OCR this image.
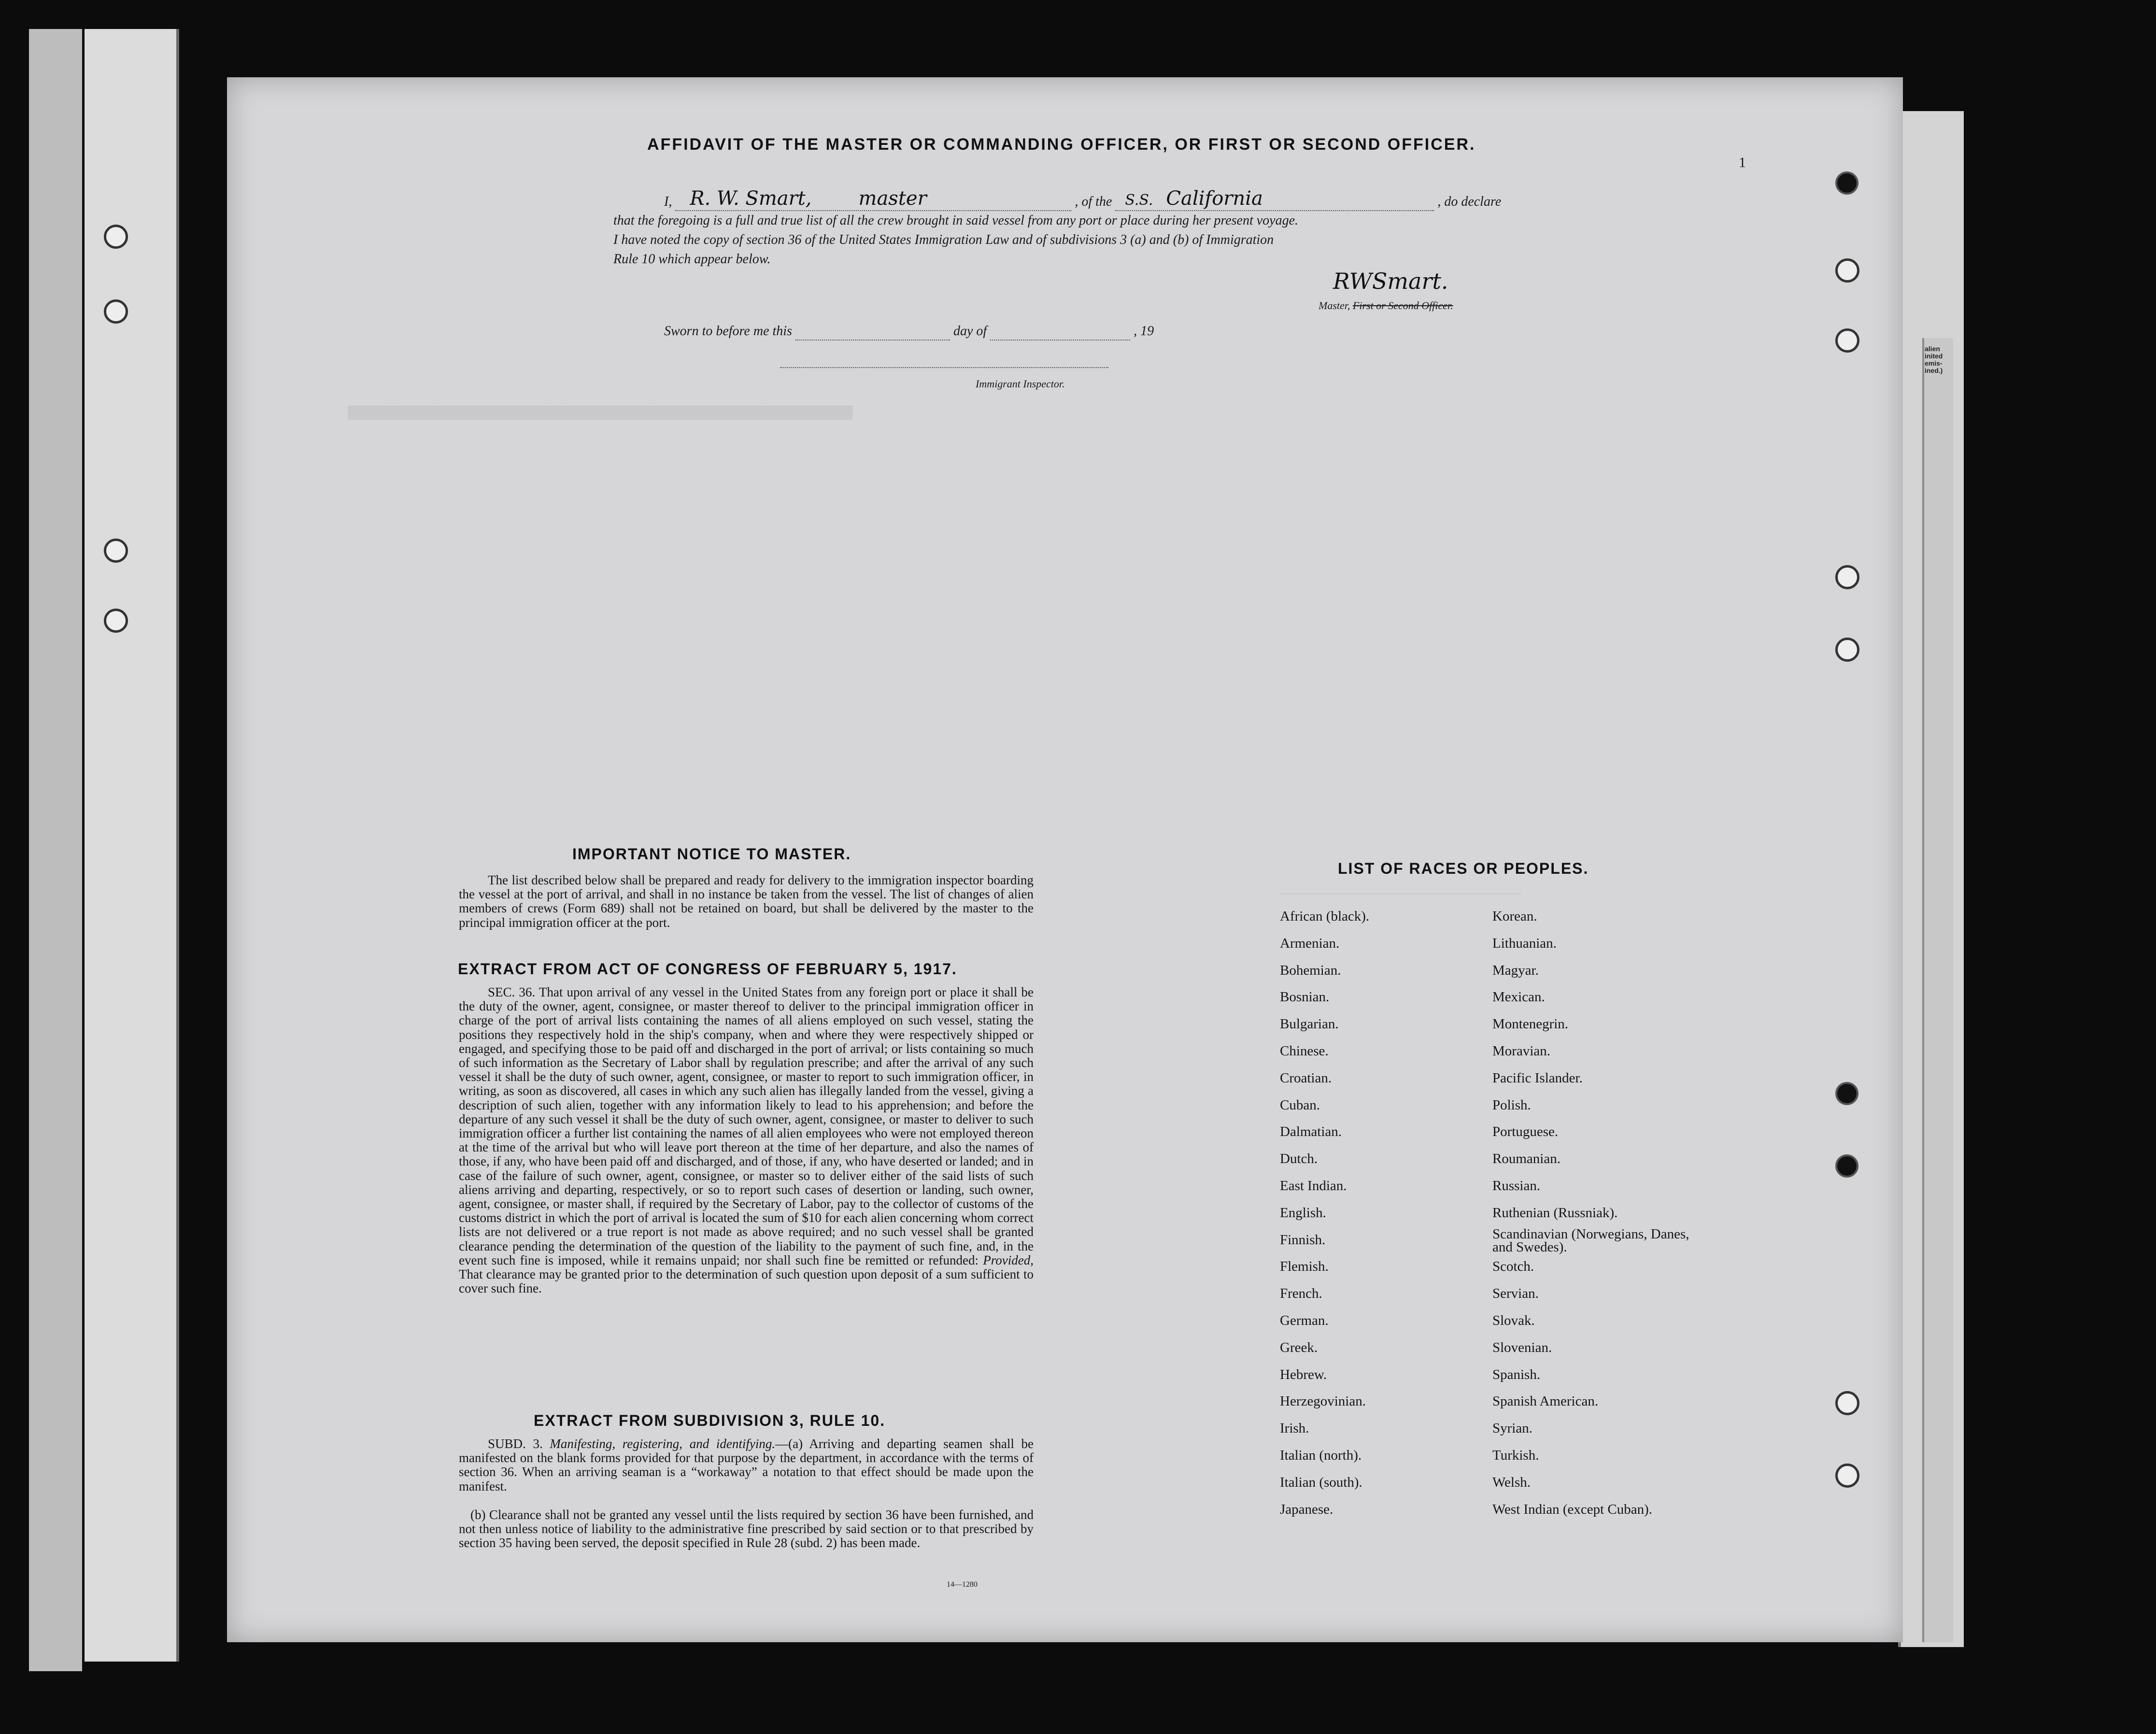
▒▒▒▒▒▒▒▒▒▒▒▒▒▒▒▒▒▒▒▒▒▒▒▒▒▒▒▒▒▒▒▒▒▒▒▒▒▒▒▒▒▒▒▒▒▒▒▒▒▒▒▒▒▒▒▒▒▒▒▒▒▒▒▒▒▒▒
AFFIDAVIT OF THE MASTER OR COMMANDING OFFICER, OR FIRST OR SECOND OFFICER.
I, R. W. Smart, master	, of the S.S. California	, do declare
that the foregoing is a full and true list of all the crew brought in said vessel from any port or place during her present voyage.
I have noted the copy of section 36 of the United States Immigration Law and of subdivisions 3 (a) and (b) of Immigration
Rule 10 which appear below.
RWSmart.
Master, First or Second Officer.
Sworn to before me this	day of	, 19
Immigrant Inspector.
1
IMPORTANT NOTICE TO MASTER.
The list described below shall be prepared and ready for delivery to the immigration inspector boarding the vessel at the port of arrival, and shall in no instance be taken from the vessel. The list of changes of alien members of crews (Form 689) shall not be retained on board, but shall be delivered by the master to the principal immigration officer at the port.
EXTRACT FROM ACT OF CONGRESS OF FEBRUARY 5, 1917.
SEC. 36. That upon arrival of any vessel in the United States from any foreign port or place it shall be the duty of the owner, agent, consignee, or master thereof to deliver to the principal immigration officer in charge of the port of arrival lists containing the names of all aliens employed on such vessel, stating the positions they respectively hold in the ship's company, when and where they were respectively shipped or engaged, and specifying those to be paid off and discharged in the port of arrival; or lists containing so much of such information as the Secretary of Labor shall by regulation prescribe; and after the arrival of any such vessel it shall be the duty of such owner, agent, consignee, or master to report to such immigration officer, in writing, as soon as discovered, all cases in which any such alien has illegally landed from the vessel, giving a description of such alien, together with any information likely to lead to his apprehension; and before the departure of any such vessel it shall be the duty of such owner, agent, consignee, or master to deliver to such immigration officer a further list containing the names of all alien employees who were not employed thereon at the time of the arrival but who will leave port thereon at the time of her departure, and also the names of those, if any, who have been paid off and discharged, and of those, if any, who have deserted or landed; and in case of the failure of such owner, agent, consignee, or master so to deliver either of the said lists of such aliens arriving and departing, respectively, or so to report such cases of desertion or landing, such owner, agent, consignee, or master shall, if required by the Secretary of Labor, pay to the collector of customs of the customs district in which the port of arrival is located the sum of $10 for each alien concerning whom correct lists are not delivered or a true report is not made as above required; and no such vessel shall be granted clearance pending the determination of the question of the liability to the payment of such fine, and, in the event such fine is imposed, while it remains unpaid; nor shall such fine be remitted or refunded: Provided, That clearance may be granted prior to the determination of such question upon deposit of a sum sufficient to cover such fine.
EXTRACT FROM SUBDIVISION 3, RULE 10.
SUBD. 3. Manifesting, registering, and identifying.—(a) Arriving and departing seamen shall be manifested on the blank forms provided for that purpose by the department, in accordance with the terms of section 36. When an arriving seaman is a “workaway” a notation to that effect should be made upon the manifest.
(b) Clearance shall not be granted any vessel until the lists required by section 36 have been furnished, and not then unless notice of liability to the administrative fine prescribed by said section or to that prescribed by section 35 having been served, the deposit specified in Rule 28 (subd. 2) has been made.
14—1280
LIST OF RACES OR PEOPLES.
African (black).
Armenian.
Bohemian.
Bosnian.
Bulgarian.
Chinese.
Croatian.
Cuban.
Dalmatian.
Dutch.
East Indian.
English.
Finnish.
Flemish.
French.
German.
Greek.
Hebrew.
Herzegovinian.
Irish.
Italian (north).
Italian (south).
Japanese.
Korean.
Lithuanian.
Magyar.
Mexican.
Montenegrin.
Moravian.
Pacific Islander.
Polish.
Portuguese.
Roumanian.
Russian.
Ruthenian (Russniak).
Scandinavian (Norwegians, Danes, and Swedes).
Scotch.
Servian.
Slovak.
Slovenian.
Spanish.
Spanish American.
Syrian.
Turkish.
Welsh.
West Indian (except Cuban).
alien
inited
emis-
ined.)
